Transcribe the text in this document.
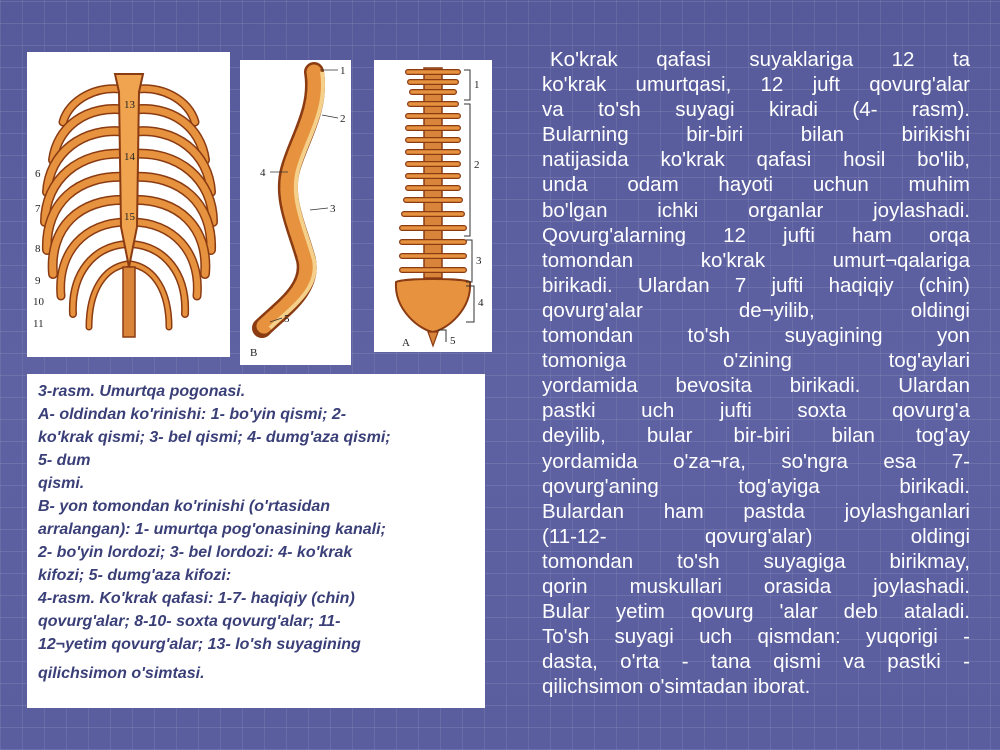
6
7
8
9
10
11
13
14
15
1
2
4
3
5
B
1
2
3
4
5
A
3-rasm. Umurtqa pogonasi.
A- oldindan ko'rinishi: 1- bo'yin qismi; 2-
ko'krak qismi; 3- bel qismi; 4- dumg'aza qismi;
5- dum
qismi.
B- yon tomondan ko'rinishi (o'rtasidan
arralangan): 1- umurtqa pog'onasining kanali;
2- bo'yin lordozi; 3- bel lordozi: 4- ko'krak
kifozi; 5- dumg'aza kifozi:
4-rasm. Ko'krak qafasi: 1-7- haqiqiy (chin)
qovurg'alar; 8-10- soxta qovurg'alar; 11-
12¬yetim qovurg'alar; 13- lo'sh suyagining
qilichsimon o'simtasi.
Ko'krak qafasi suyaklariga 12 ta
ko'krak umurtqasi, 12 juft qovurg'alar
va to'sh suyagi kiradi (4- rasm).
Bularning bir-biri bilan birikishi
natijasida ko'krak qafasi hosil bo'lib,
unda odam hayoti uchun muhim
bo'lgan ichki organlar joylashadi.
Qovurg'alarning 12 jufti ham orqa
tomondan ko'krak umurt¬qalariga
birikadi. Ulardan 7 jufti haqiqiy (chin)
qovurg'alar de¬yilib, oldingi
tomondan to'sh suyagining yon
tomoniga o'zining tog'aylari
yordamida bevosita birikadi. Ulardan
pastki uch jufti soxta qovurg'a
deyilib, bular bir-biri bilan tog'ay
yordamida o'za¬ra, so'ngra esa 7-
qovurg'aning tog'ayiga birikadi.
Bulardan ham pastda joylashganlari
(11-12- qovurg'alar) oldingi
tomondan to'sh suyagiga birikmay,
qorin muskullari orasida joylashadi.
Bular yetim qovurg 'alar deb ataladi.
To'sh suyagi uch qismdan: yuqorigi -
dasta, o'rta - tana qismi va pastki -
qilichsimon o'simtadan iborat.
